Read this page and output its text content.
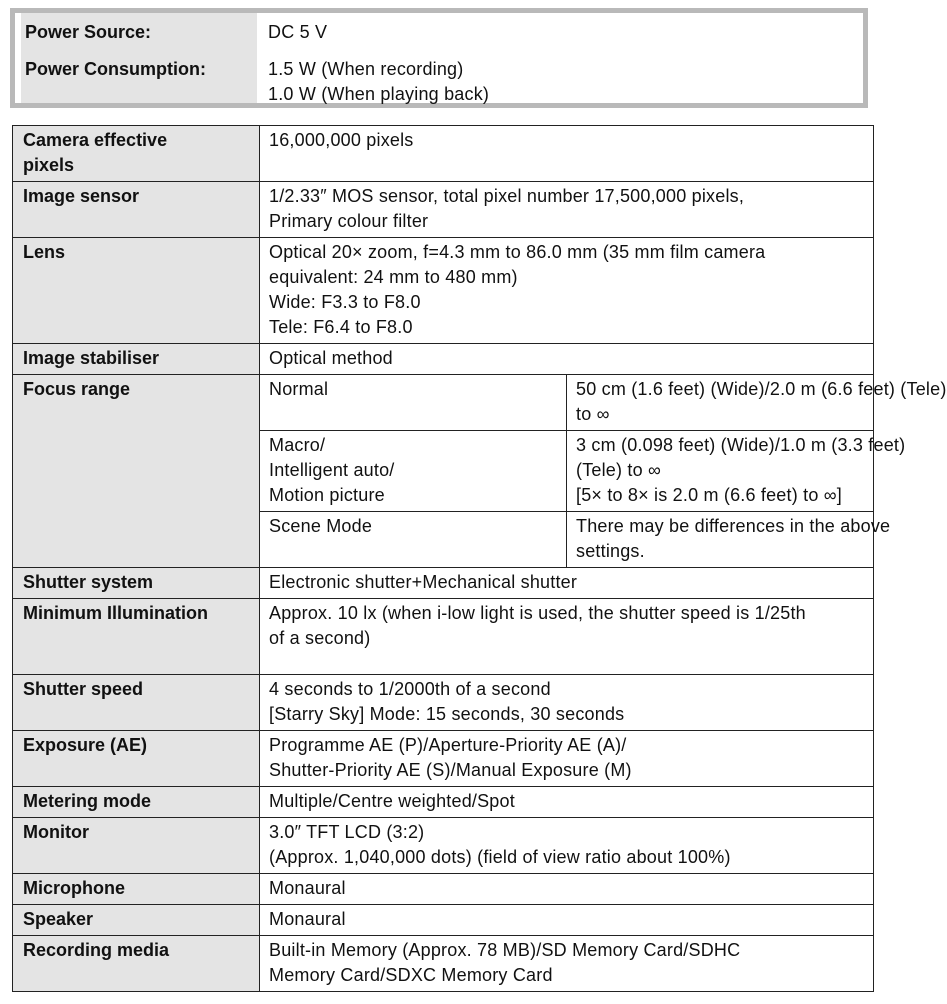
Power Source:	DC 5 V
Power Consumption:	1.5 W (When recording)
1.0 W (When playing back)
Camera effective
pixels	16,000,000 pixels	

Image sensor	1/2.33″ MOS sensor, total pixel number 17,500,000 pixels,
Primary colour filter	

Lens	Optical 20× zoom, f=4.3 mm to 86.0 mm (35 mm film camera
equivalent: 24 mm to 480 mm)
Wide: F3.3 to F8.0
Tele: F6.4 to F8.0	

Image stabiliser	Optical method	

Focus range	Normal	50 cm (1.6 feet) (Wide)/2.0 m (6.6 feet) (Tele)
to ∞

	Macro/
Intelligent auto/
Motion picture	3 cm (0.098 feet) (Wide)/1.0 m (3.3 feet)
(Tele) to ∞
[5× to 8× is 2.0 m (6.6 feet) to ∞]

	Scene Mode	There may be differences in the above
settings.

Shutter system	Electronic shutter+Mechanical shutter	

Minimum Illumination	Approx. 10 lx (when i-low light is used, the shutter speed is 1/25th
of a second)	

Shutter speed	4 seconds to 1/2000th of a second
[Starry Sky] Mode: 15 seconds, 30 seconds	

Exposure (AE)	Programme AE (P)/Aperture-Priority AE (A)/
Shutter-Priority AE (S)/Manual Exposure (M)	

Metering mode	Multiple/Centre weighted/Spot	

Monitor	3.0″ TFT LCD (3:2)
(Approx. 1,040,000 dots) (field of view ratio about 100%)	

Microphone	Monaural	

Speaker	Monaural	

Recording media	Built-in Memory (Approx. 78 MB)/SD Memory Card/SDHC
Memory Card/SDXC Memory Card	
